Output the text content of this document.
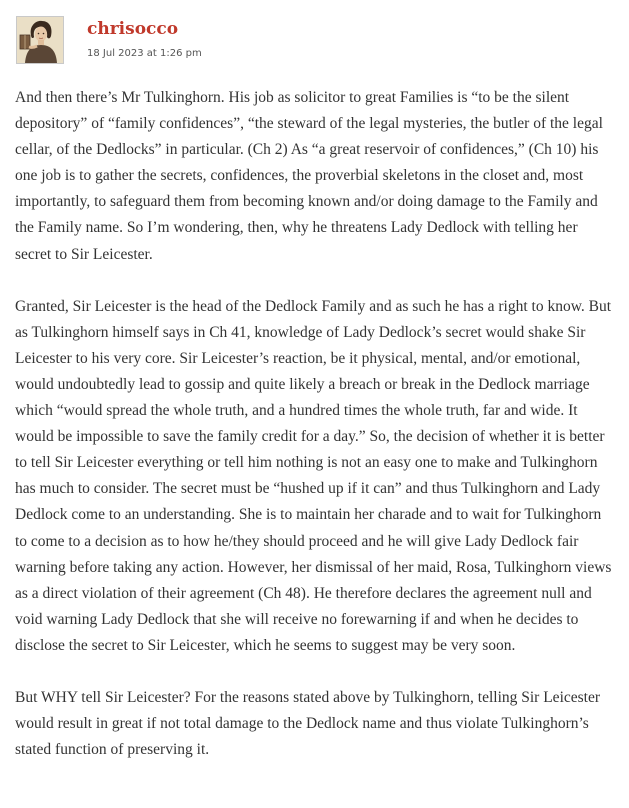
chrisocco
18 Jul 2023 at 1:26 pm

And then there’s Mr Tulkinghorn. His job as solicitor to great Families is “to be the silent depository” of “family confidences”, “the steward of the legal mysteries, the butler of the legal cellar, of the Dedlocks” in particular. (Ch 2) As “a great reservoir of confidences,” (Ch 10) his one job is to gather the secrets, confidences, the proverbial skeletons in the closet and, most importantly, to safeguard them from becoming known and/or doing damage to the Family and the Family name. So I’m wondering, then, why he threatens Lady Dedlock with telling her secret to Sir Leicester.

Granted, Sir Leicester is the head of the Dedlock Family and as such he has a right to know. But as Tulkinghorn himself says in Ch 41, knowledge of Lady Dedlock’s secret would shake Sir Leicester to his very core. Sir Leicester’s reaction, be it physical, mental, and/or emotional, would undoubtedly lead to gossip and quite likely a breach or break in the Dedlock marriage which “would spread the whole truth, and a hundred times the whole truth, far and wide. It would be impossible to save the family credit for a day.” So, the decision of whether it is better to tell Sir Leicester everything or tell him nothing is not an easy one to make and Tulkinghorn has much to consider. The secret must be “hushed up if it can” and thus Tulkinghorn and Lady Dedlock come to an understanding. She is to maintain her charade and to wait for Tulkinghorn to come to a decision as to how he/they should proceed and he will give Lady Dedlock fair warning before taking any action. However, her dismissal of her maid, Rosa, Tulkinghorn views as a direct violation of their agreement (Ch 48). He therefore declares the agreement null and void warning Lady Dedlock that she will receive no forewarning if and when he decides to disclose the secret to Sir Leicester, which he seems to suggest may be very soon.

But WHY tell Sir Leicester? For the reasons stated above by Tulkinghorn, telling Sir Leicester would result in great if not total damage to the Dedlock name and thus violate Tulkinghorn’s stated function of preserving it.
